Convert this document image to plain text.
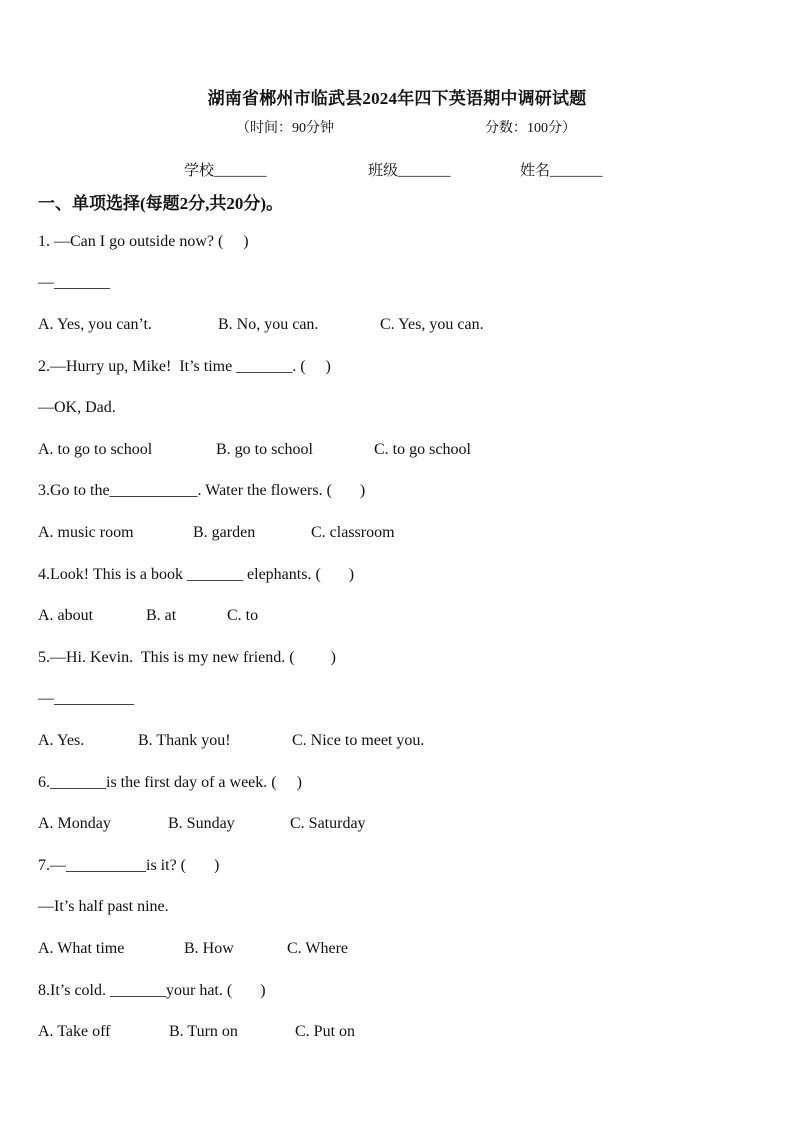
湖南省郴州市临武县2024年四下英语期中调研试题
（时间：90分钟	分数：100分）
学校_______	班级_______	姓名_______
一、单项选择(每题2分,共20分)。
1. —Can I go outside now? (     )
—_______
A. Yes, you can’t.	B. No, you can.	C. Yes, you can.
2.—Hurry up, Mike!  It’s time _______. (     )
—OK, Dad.
A. to go to school	B. go to school	C. to go school
3.Go to the___________. Water the flowers. (       )
A. music room	B. garden	C. classroom
4.Look! This is a book _______ elephants. (       )
A. about	B. at	C. to
5.—Hi. Kevin.  This is my new friend. (         )
—__________
A. Yes.	B. Thank you!	C. Nice to meet you.
6._______is the first day of a week. (     )
A. Monday	B. Sunday	C. Saturday
7.—__________is it? (       )
—It’s half past nine.
A. What time	B. How	C. Where
8.It’s cold. _______your hat. (       )
A. Take off	B. Turn on	C. Put on
